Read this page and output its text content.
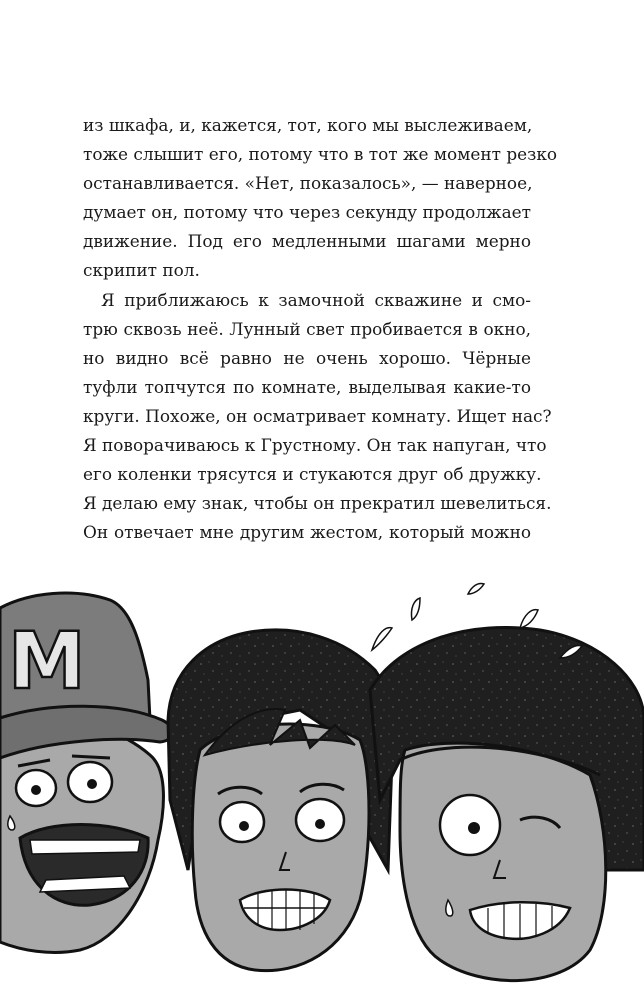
из шкафа, и, кажется, тот, кого мы выслеживаем,
тоже слышит его, потому что в тот же момент резко
останавливается. «Нет, показалось», — наверное,
думает он, потому что через секунду продолжает
движение. Под его медленными шагами мерно
скрипит пол.
Я приближаюсь к замочной скважине и смо-
трю сквозь неё. Лунный свет пробивается в окно,
но видно всё равно не очень хорошо. Чёрные
туфли топчутся по комнате, выделывая какие-то
круги. Похоже, он осматривает комнату. Ищет нас?
Я поворачиваюсь к Грустному. Он так напуган, что
его коленки трясутся и стукаются друг об дружку.
Я делаю ему знак, чтобы он прекратил шевелиться.
Он отвечает мне другим жестом, который можно
М
